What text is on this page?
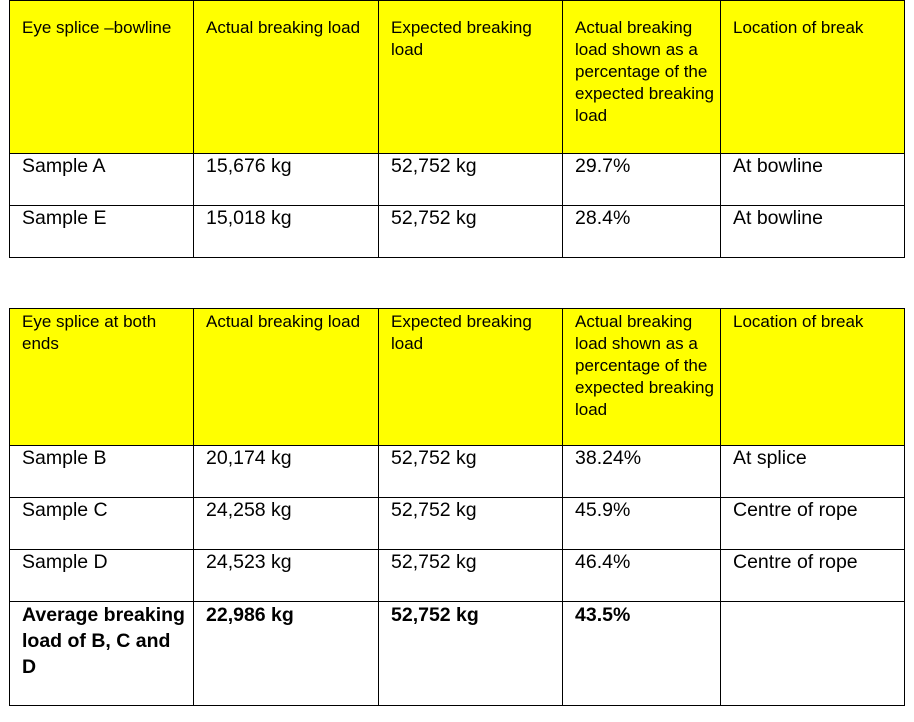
Eye splice –bowline	Actual breaking load	Expected breaking load	Actual breaking load shown as a percentage of the expected breaking load	Location of break
Sample A	15,676 kg	52,752 kg	29.7%	At bowline
Sample E	15,018 kg	52,752 kg	28.4%	At bowline
Eye splice at both ends	Actual breaking load	Expected breaking load	Actual breaking load shown as a percentage of the expected breaking load	Location of break
Sample B	20,174 kg	52,752 kg	38.24%	At splice
Sample C	24,258 kg	52,752 kg	45.9%	Centre of rope
Sample D	24,523 kg	52,752 kg	46.4%	Centre of rope
Average breaking load of B, C and D	22,986 kg	52,752 kg	43.5%	
